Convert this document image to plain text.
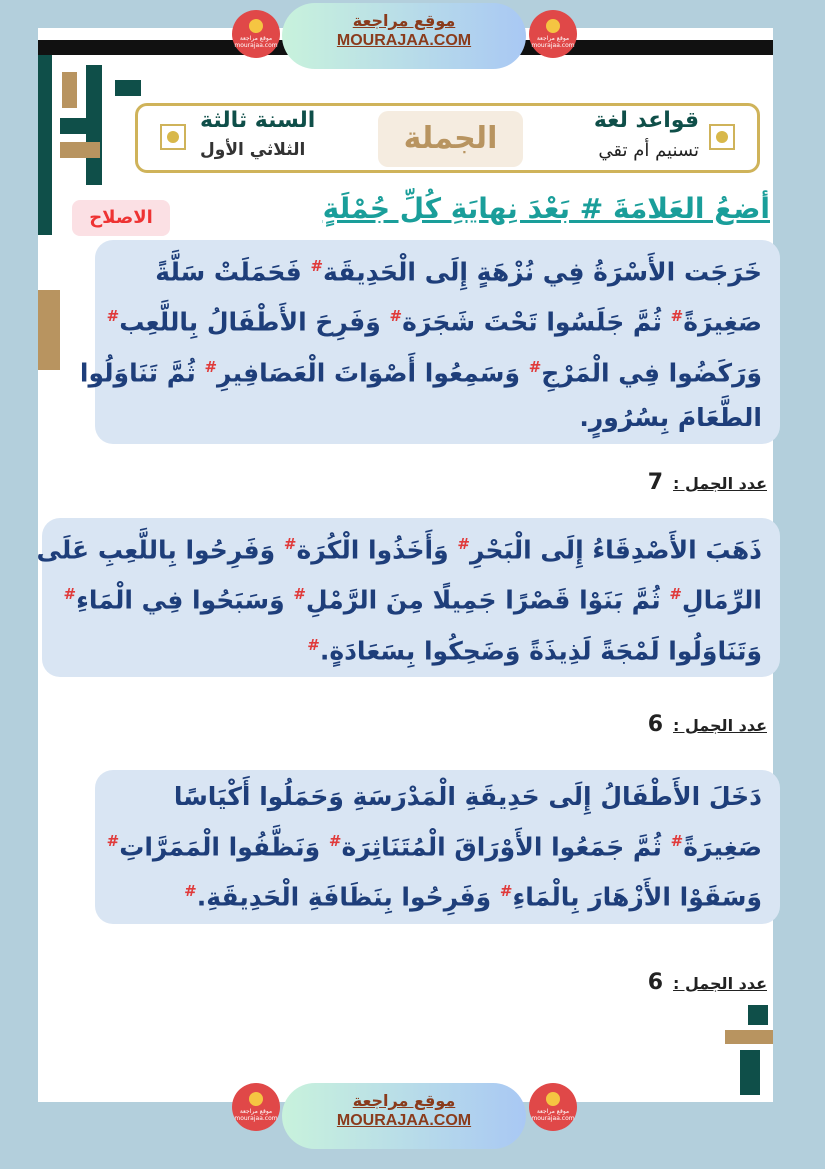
موقع مراجعة mourajaa.com
موقع مراجعة
MOURAJAA.COM	موقع مراجعة mourajaa.com
قواعد لغة
تسنيم أم تقي
الجملة
السنة ثالثة
الثلاثي الأول
الاصلاح	أضعُ العَلامَةَ # بَعْدَ نِهايَةِ كُلِّ جُمْلَةٍ
خَرَجَت الأَسْرَةُ فِي نُزْهَةٍ إِلَى الْحَدِيقَة# فَحَمَلَتْ سَلَّةً
صَغِيرَةً# ثُمَّ جَلَسُوا تَحْتَ شَجَرَة# وَفَرِحَ الأَطْفَالُ بِاللَّعِب#
وَرَكَضُوا فِي الْمَرْجِ# وَسَمِعُوا أَصْوَاتَ الْعَصَافِيرِ# ثُمَّ تَنَاوَلُوا
الطَّعَامَ بِسُرُورٍ.
عدد الجمل :7
ذَهَبَ الأَصْدِقَاءُ إِلَى الْبَحْرِ# وَأَخَذُوا الْكُرَة# وَفَرِحُوا بِاللَّعِبِ عَلَى
الرِّمَالِ# ثُمَّ بَنَوْا قَصْرًا جَمِيلًا مِنَ الرَّمْلِ# وَسَبَحُوا فِي الْمَاءِ#
وَتَنَاوَلُوا لَمْجَةً لَذِيذَةً وَضَحِكُوا بِسَعَادَةٍ.#
عدد الجمل :6
دَخَلَ الأَطْفَالُ إِلَى حَدِيقَةِ الْمَدْرَسَةِ وَحَمَلُوا أَكْيَاسًا
صَغِيرَةً# ثُمَّ جَمَعُوا الأَوْرَاقَ الْمُتَنَاثِرَة# وَنَظَّفُوا الْمَمَرَّاتِ#
وَسَقَوْا الأَزْهَارَ بِالْمَاءِ# وَفَرِحُوا بِنَظَافَةِ الْحَدِيقَةِ.#
عدد الجمل :6
موقع مراجعة mourajaa.com
موقع مراجعة
MOURAJAA.COM
موقع مراجعة mourajaa.com
